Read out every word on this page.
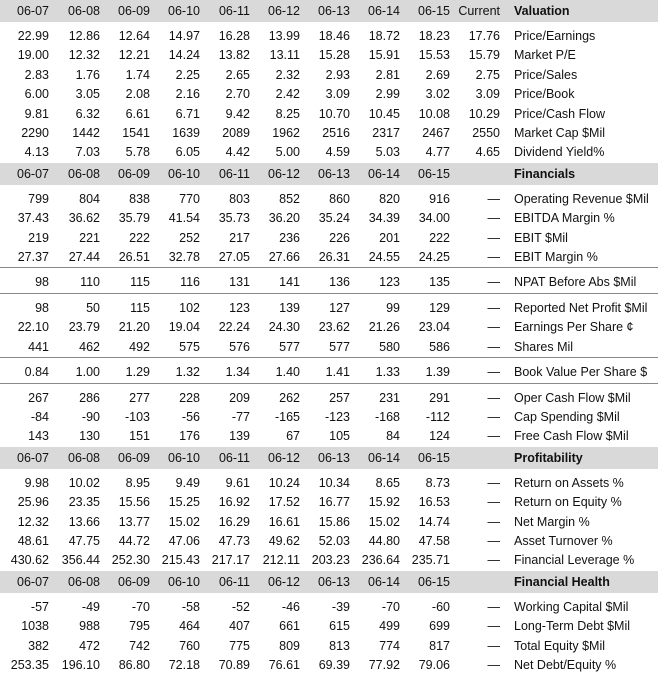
06-07	06-08	06-09	06-10	06-11	06-12	06-13	06-14	06-15	Current	Valuation

22.99	12.86	12.64	14.97	16.28	13.99	18.46	18.72	18.23	17.76	Price/Earnings
19.00	12.32	12.21	14.24	13.82	13.11	15.28	15.91	15.53	15.79	Market P/E
2.83	1.76	1.74	2.25	2.65	2.32	2.93	2.81	2.69	2.75	Price/Sales
6.00	3.05	2.08	2.16	2.70	2.42	3.09	2.99	3.02	3.09	Price/Book
9.81	6.32	6.61	6.71	9.42	8.25	10.70	10.45	10.08	10.29	Price/Cash Flow
2290	1442	1541	1639	2089	1962	2516	2317	2467	2550	Market Cap $Mil
4.13	7.03	5.78	6.05	4.42	5.00	4.59	5.03	4.77	4.65	Dividend Yield%
06-07	06-08	06-09	06-10	06-11	06-12	06-13	06-14	06-15		Financials

799	804	838	770	803	852	860	820	916	—	Operating Revenue $Mil
37.43	36.62	35.79	41.54	35.73	36.20	35.24	34.39	34.00	—	EBITDA Margin %
219	221	222	252	217	236	226	201	222	—	EBIT $Mil
27.37	27.44	26.51	32.78	27.05	27.66	26.31	24.55	24.25	—	EBIT Margin %

98	110	115	116	131	141	136	123	135	—	NPAT Before Abs $Mil

98	50	115	102	123	139	127	99	129	—	Reported Net Profit $Mil
22.10	23.79	21.20	19.04	22.24	24.30	23.62	21.26	23.04	—	Earnings Per Share ¢
441	462	492	575	576	577	577	580	586	—	Shares Mil

0.84	1.00	1.29	1.32	1.34	1.40	1.41	1.33	1.39	—	Book Value Per Share $

267	286	277	228	209	262	257	231	291	—	Oper Cash Flow $Mil
-84	-90	-103	-56	-77	-165	-123	-168	-112	—	Cap Spending $Mil
143	130	151	176	139	67	105	84	124	—	Free Cash Flow $Mil
06-07	06-08	06-09	06-10	06-11	06-12	06-13	06-14	06-15		Profitability

9.98	10.02	8.95	9.49	9.61	10.24	10.34	8.65	8.73	—	Return on Assets %
25.96	23.35	15.56	15.25	16.92	17.52	16.77	15.92	16.53	—	Return on Equity %
12.32	13.66	13.77	15.02	16.29	16.61	15.86	15.02	14.74	—	Net Margin %
48.61	47.75	44.72	47.06	47.73	49.62	52.03	44.80	47.58	—	Asset Turnover %
430.62	356.44	252.30	215.43	217.17	212.11	203.23	236.64	235.71	—	Financial Leverage %
06-07	06-08	06-09	06-10	06-11	06-12	06-13	06-14	06-15		Financial Health

-57	-49	-70	-58	-52	-46	-39	-70	-60	—	Working Capital $Mil
1038	988	795	464	407	661	615	499	699	—	Long-Term Debt $Mil
382	472	742	760	775	809	813	774	817	—	Total Equity $Mil
253.35	196.10	86.80	72.18	70.89	76.61	69.39	77.92	79.06	—	Net Debt/Equity %
